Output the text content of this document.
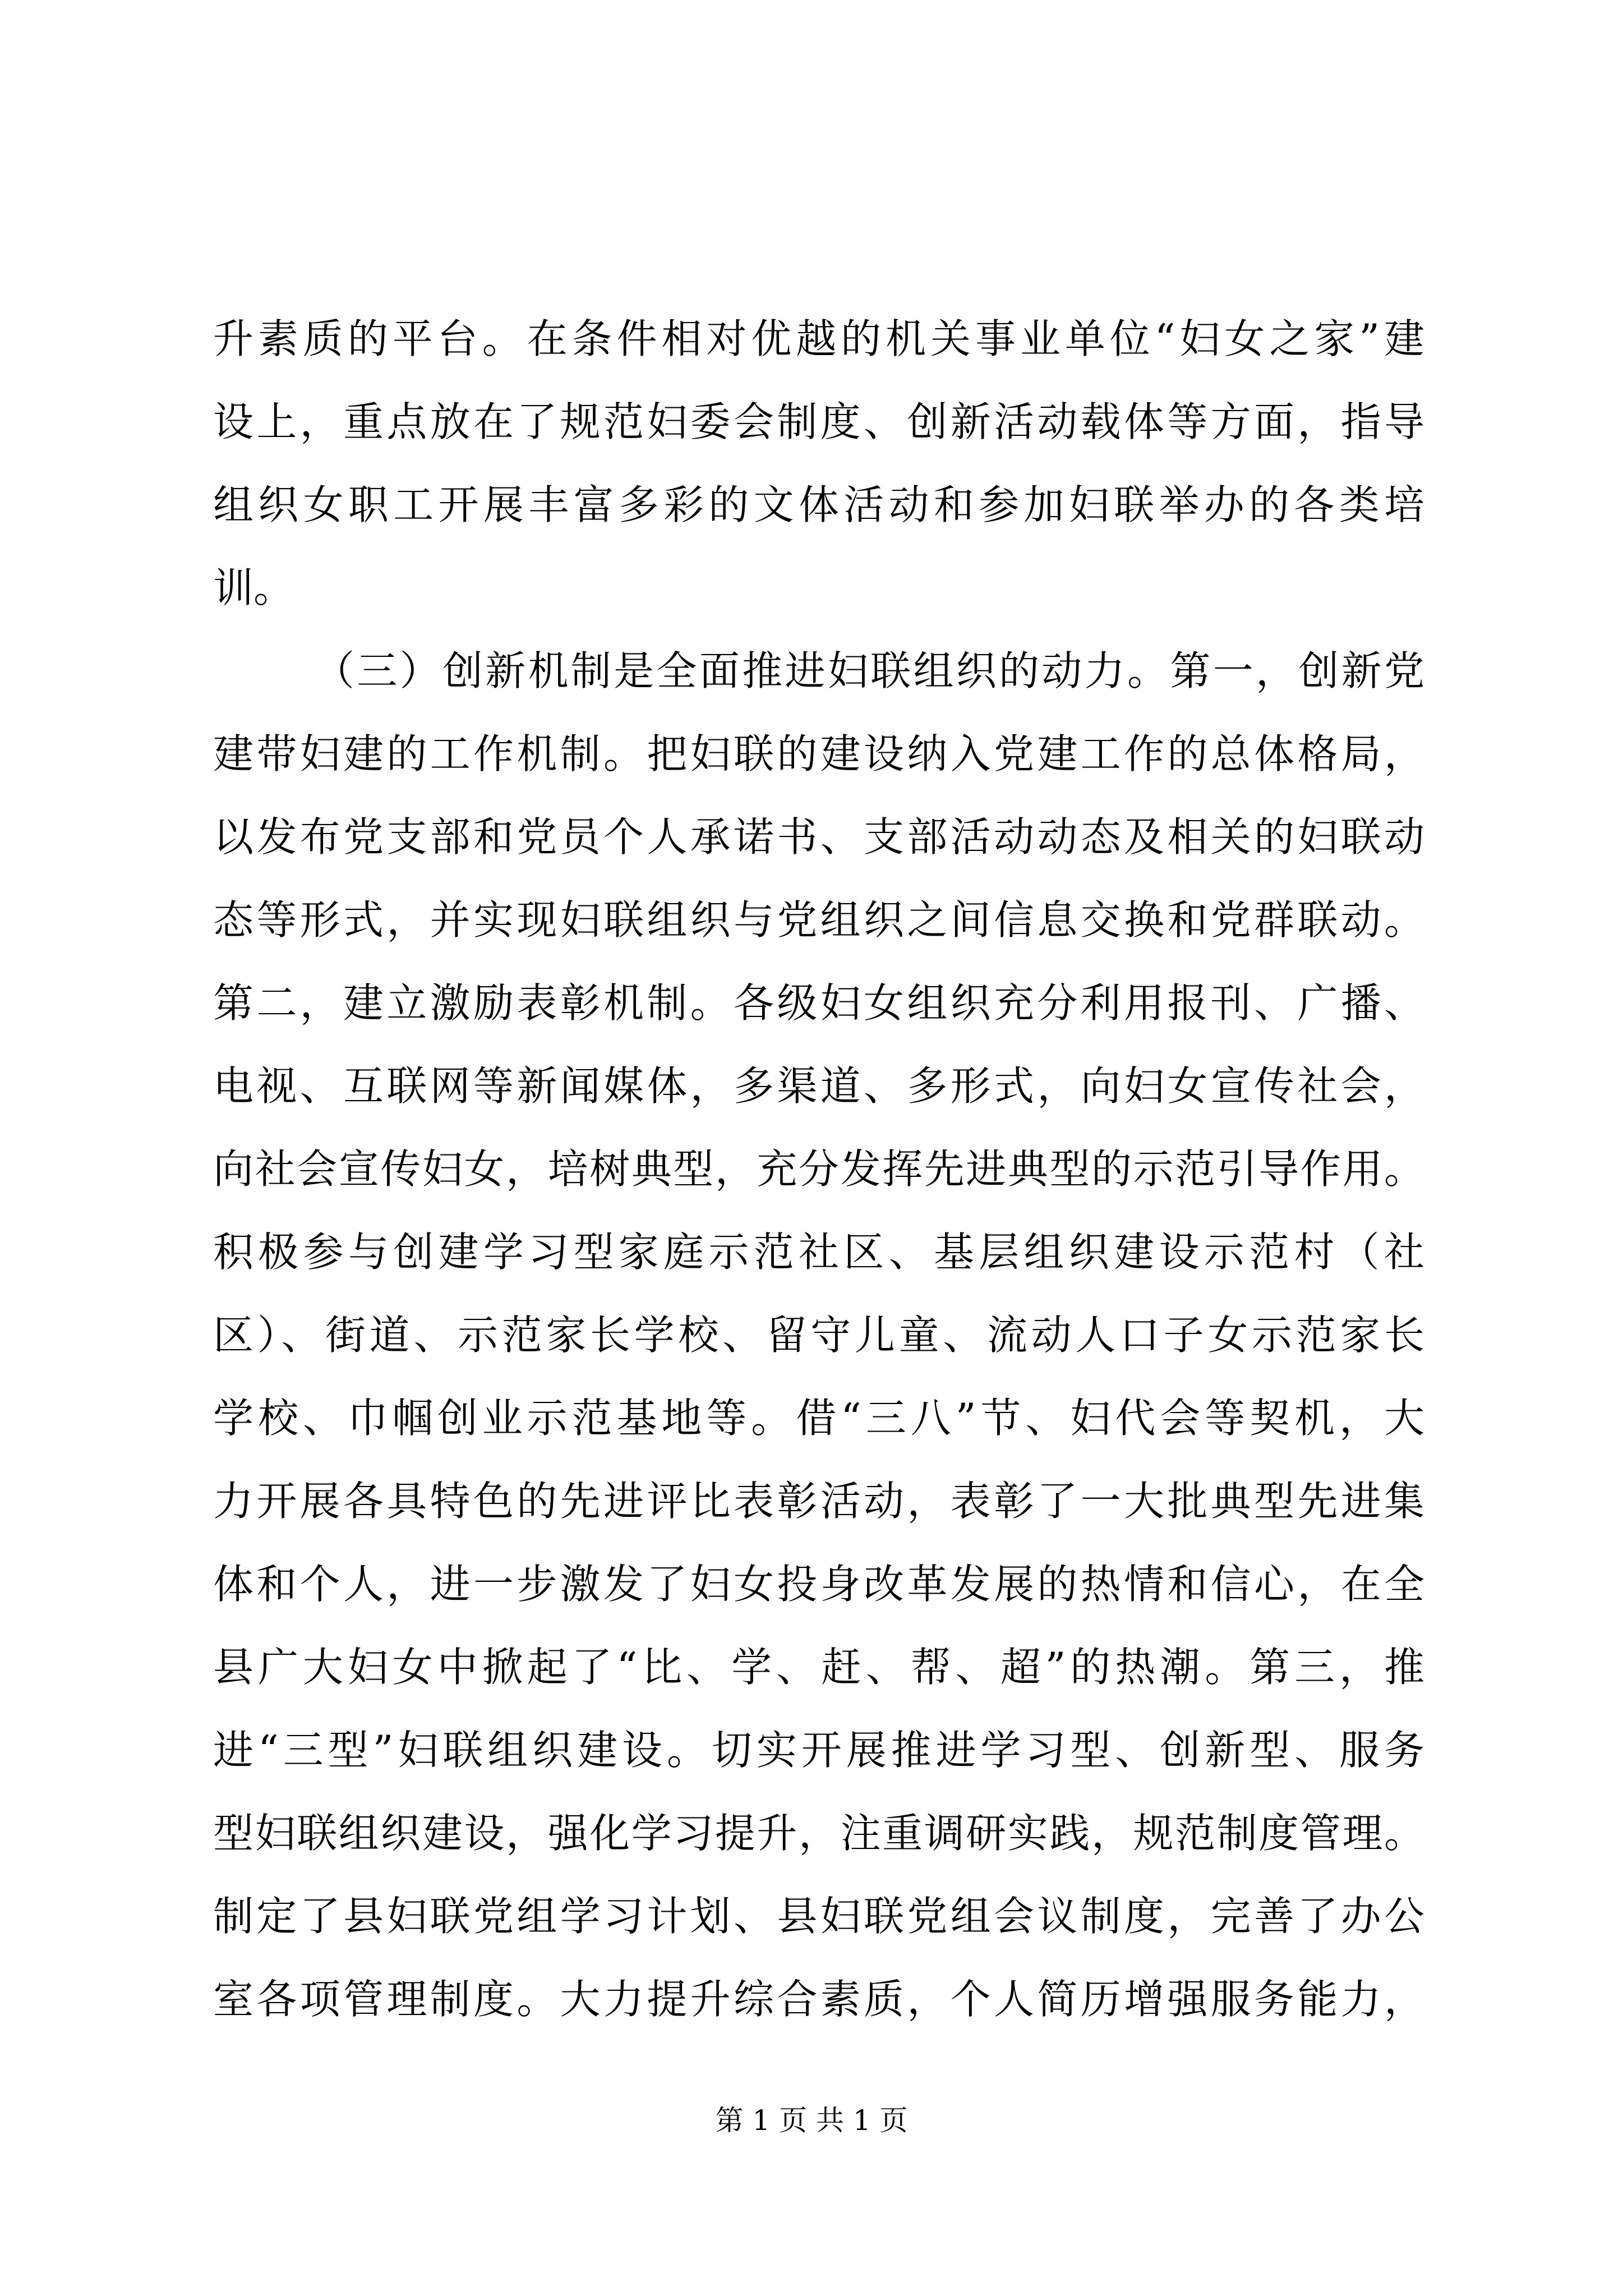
升素质的平台。在条件相对优越的机关事业单位“妇女之家”建
设上，重点放在了规范妇委会制度、创新活动载体等方面，指导
组织女职工开展丰富多彩的文体活动和参加妇联举办的各类培
训。
（三）创新机制是全面推进妇联组织的动力。第一，创新党
建带妇建的工作机制。把妇联的建设纳入党建工作的总体格局，
以发布党支部和党员个人承诺书、支部活动动态及相关的妇联动
态等形式，并实现妇联组织与党组织之间信息交换和党群联动。
第二，建立激励表彰机制。各级妇女组织充分利用报刊、广播、
电视、互联网等新闻媒体，多渠道、多形式，向妇女宣传社会，
向社会宣传妇女，培树典型，充分发挥先进典型的示范引导作用。
积极参与创建学习型家庭示范社区、基层组织建设示范村（社
区）、街道、示范家长学校、留守儿童、流动人口子女示范家长
学校、巾帼创业示范基地等。借“三八”节、妇代会等契机，大
力开展各具特色的先进评比表彰活动，表彰了一大批典型先进集
体和个人，进一步激发了妇女投身改革发展的热情和信心，在全
县广大妇女中掀起了“比、学、赶、帮、超”的热潮。第三，推
进“三型”妇联组织建设。切实开展推进学习型、创新型、服务
型妇联组织建设，强化学习提升，注重调研实践，规范制度管理。
制定了县妇联党组学习计划、县妇联党组会议制度，完善了办公
室各项管理制度。大力提升综合素质，个人简历增强服务能力，
第 1 页 共 1 页
